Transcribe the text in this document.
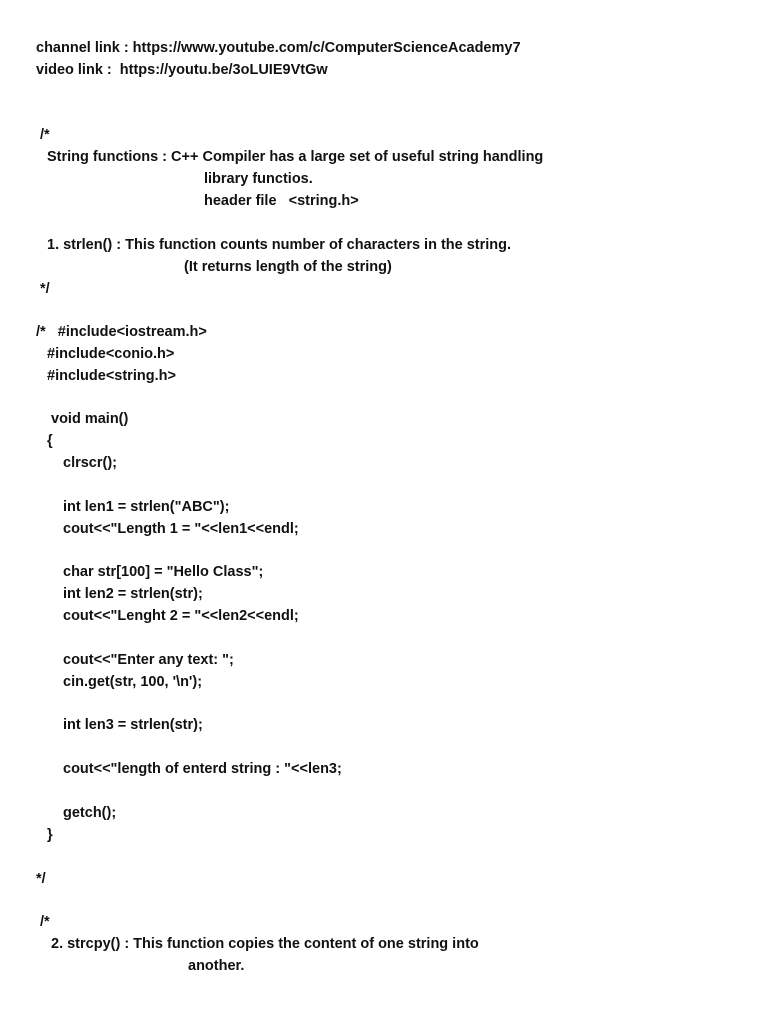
channel link : https://www.youtube.com/c/ComputerScienceAcademy7
video link :  https://youtu.be/3oLUIE9VtGw
/*
String functions : C++ Compiler has a large set of useful string handling
library functios.
header file   <string.h>
1. strlen() : This function counts number of characters in the string.
(It returns length of the string)
*/
/*   #include<iostream.h>
#include<conio.h>
#include<string.h>
void main()
{
clrscr();
int len1 = strlen("ABC");
cout<<"Length 1 = "<<len1<<endl;
char str[100] = "Hello Class";
int len2 = strlen(str);
cout<<"Lenght 2 = "<<len2<<endl;
cout<<"Enter any text: ";
cin.get(str, 100, '\n');
int len3 = strlen(str);
cout<<"length of enterd string : "<<len3;
getch();
}
*/
/*
2. strcpy() : This function copies the content of one string into
another.
